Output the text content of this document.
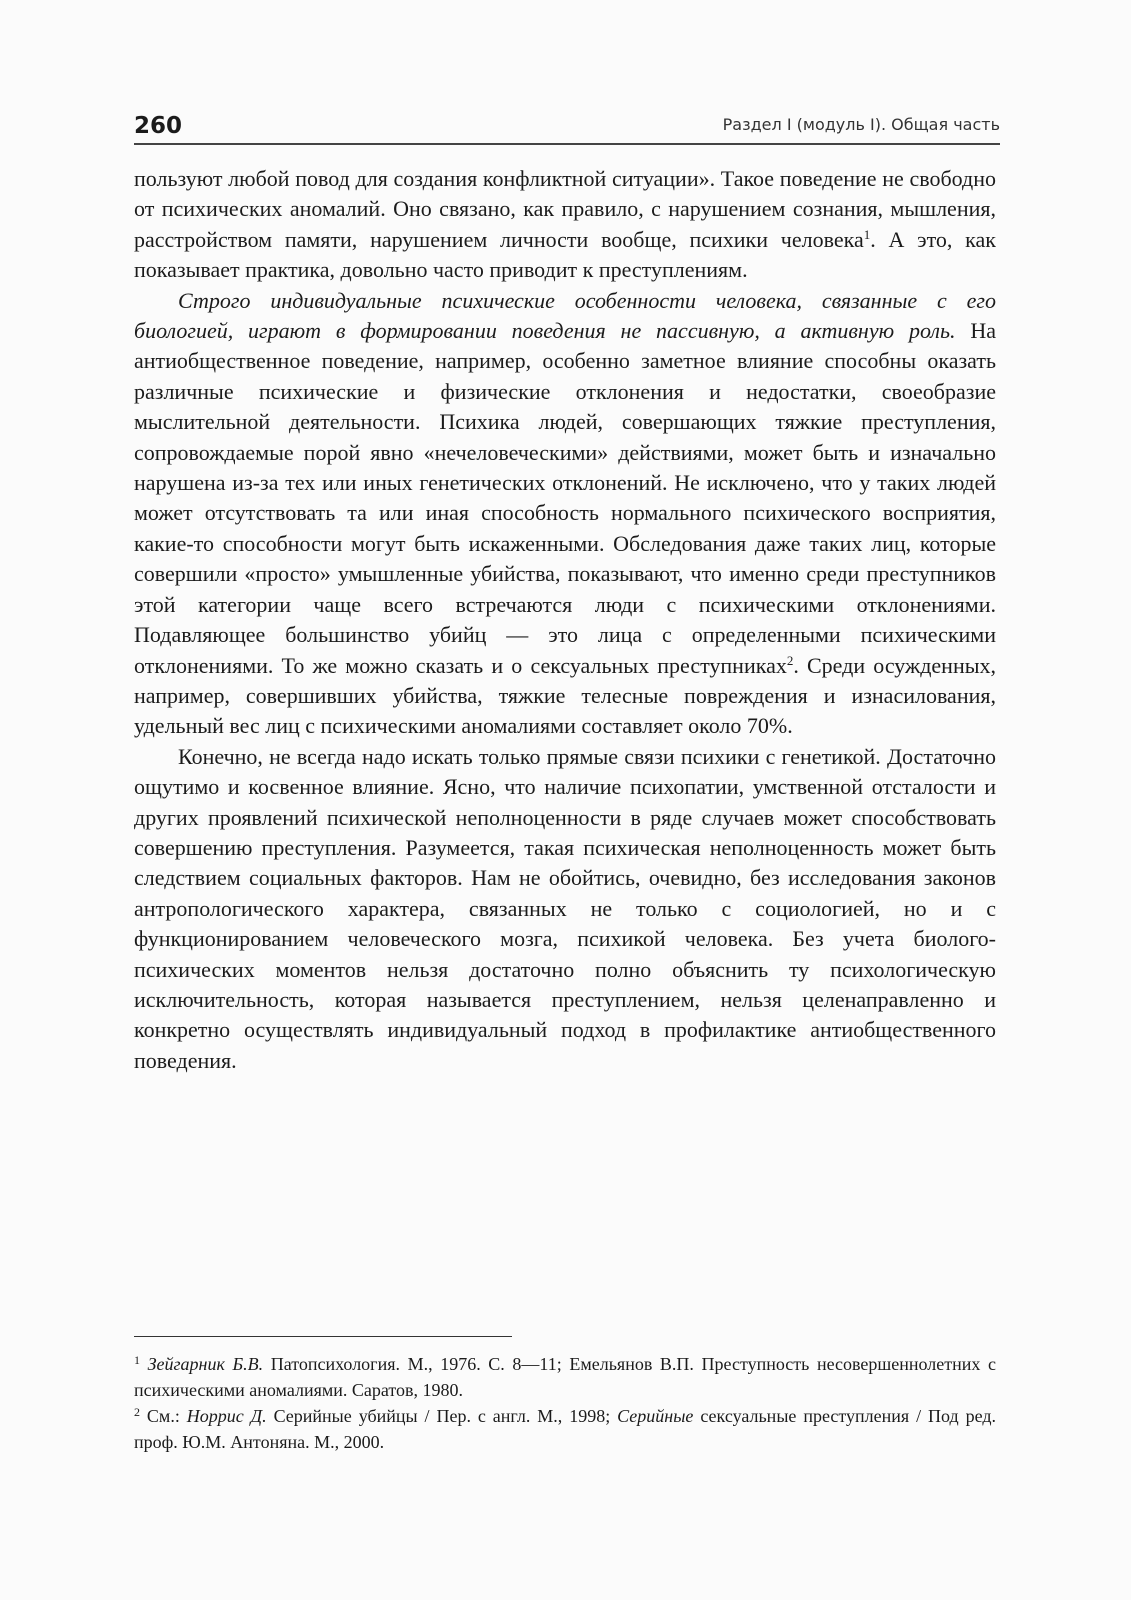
260	Раздел I (модуль I). Общая часть

пользуют любой повод для создания конфликтной ситуации». Такое поведение не свободно от психических аномалий. Оно связано, как правило, с нарушением сознания, мышления, расстройством памяти, нарушением личности вообще, психики человека$^1$. А это, как показывает практика, довольно часто приводит к преступлениям.

Строго индивидуальные психические особенности человека, связанные с его биологией, играют в формировании поведения не пассивную, а активную роль. На антиобщественное поведение, например, особенно заметное влияние способны оказать различные психические и физические отклонения и недостатки, своеобразие мыслительной деятельности. Психика людей, совершающих тяжкие преступления, сопровождаемые порой явно «нечеловеческими» действиями, может быть и изначально нарушена из-за тех или иных генетических отклонений. Не исключено, что у таких людей может отсутствовать та или иная способность нормального психического восприятия, какие-то способности могут быть искаженными. Обследования даже таких лиц, которые совершили «просто» умышленные убийства, показывают, что именно среди преступников этой категории чаще всего встречаются люди с психическими отклонениями. Подавляющее большинство убийц — это лица с определенными психическими отклонениями. То же можно сказать и о сексуальных преступниках$^2$. Среди осужденных, например, совершивших убийства, тяжкие телесные повреждения и изнасилования, удельный вес лиц с психическими аномалиями составляет около 70%.

Конечно, не всегда надо искать только прямые связи психики с генетикой. Достаточно ощутимо и косвенное влияние. Ясно, что наличие психопатии, умственной отсталости и других проявлений психической неполноценности в ряде случаев может способствовать совершению преступления. Разумеется, такая психическая неполноценность может быть следствием социальных факторов. Нам не обойтись, очевидно, без исследования законов антропологического характера, связанных не только с социологией, но и с функционированием человеческого мозга, психикой человека. Без учета биолого-психических моментов нельзя достаточно полно объяснить ту психологическую исключительность, которая называется преступлением, нельзя целенаправленно и конкретно осуществлять индивидуальный подход в профилактике антиобщественного поведения.

$^1$ Зейгарник Б.В. Патопсихология. М., 1976. С. 8—11; Емельянов В.П. Преступность несовершеннолетних с психическими аномалиями. Саратов, 1980.

$^2$ См.: Норрис Д. Серийные убийцы / Пер. с англ. М., 1998; Серийные сексуальные преступления / Под ред. проф. Ю.М. Антоняна. М., 2000.
